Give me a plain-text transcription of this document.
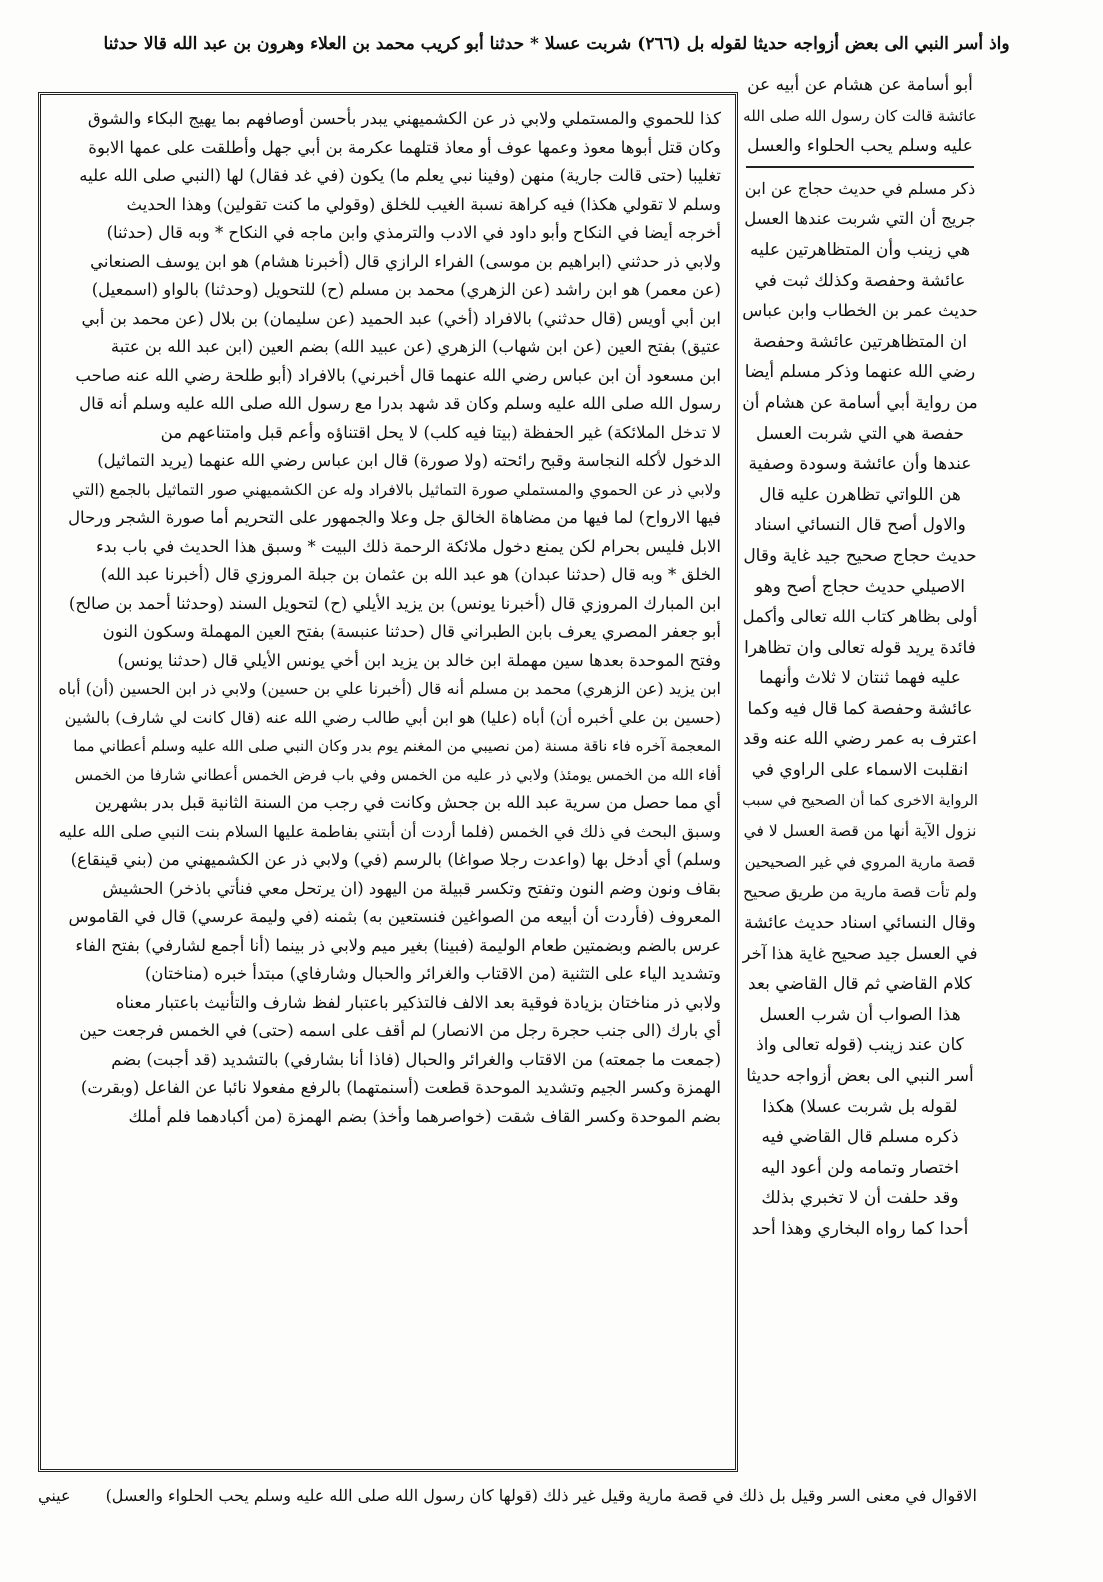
واذ أسر النبي الى بعض أزواجه حديثا لقوله بل
(٢٦٦)
شربت عسلا * حدثنا أبو كريب محمد بن العلاء وهرون بن عبد الله قالا حدثنا
أبو أسامة عن هشام عن أبيه عن
عائشة قالت كان رسول الله صلى الله
عليه وسلم يحب الحلواء والعسل
ذكر مسلم في حديث حجاج عن ابن
جريج أن التي شربت عندها العسل
هي زينب وأن المتظاهرتين عليه
عائشة وحفصة وكذلك ثبت في
حديث عمر بن الخطاب وابن عباس
ان المتظاهرتين عائشة وحفصة
رضي الله عنهما وذكر مسلم أيضا
من رواية أبي أسامة عن هشام أن
حفصة هي التي شربت العسل
عندها وأن عائشة وسودة وصفية
هن اللواتي تظاهرن عليه قال
والاول أصح قال النسائي اسناد
حديث حجاج صحيح جيد غاية وقال
الاصيلي حديث حجاج أصح وهو
أولى بظاهر كتاب الله تعالى وأكمل
فائدة يريد قوله تعالى وان تظاهرا
عليه فهما ثنتان لا ثلاث وأنهما
عائشة وحفصة كما قال فيه وكما
اعترف به عمر رضي الله عنه وقد
انقلبت الاسماء على الراوي في
الرواية الاخرى كما أن الصحيح في سبب
نزول الآية أنها من قصة العسل لا في
قصة مارية المروي في غير الصحيحين
ولم تأت قصة مارية من طريق صحيح
وقال النسائي اسناد حديث عائشة
في العسل جيد صحيح غاية هذا آخر
كلام القاضي ثم قال القاضي بعد
هذا الصواب أن شرب العسل
كان عند زينب (قوله تعالى واذ
أسر النبي الى بعض أزواجه حديثا
لقوله بل شربت عسلا) هكذا
ذكره مسلم قال القاضي فيه
اختصار وتمامه ولن أعود اليه
وقد حلفت أن لا تخبري بذلك
أحدا كما رواه البخاري وهذا أحد
كذا للحموي والمستملي ولابي ذر عن الكشميهني يبدر بأحسن أوصافهم بما يهيج البكاء والشوق
وكان قتل أبوها معوذ وعمها عوف أو معاذ قتلهما عكرمة بن أبي جهل وأطلقت على عمها الابوة
تغليبا (حتى قالت جارية) منهن (وفينا نبي يعلم ما) يكون (في غد فقال) لها (النبي صلى الله عليه
وسلم لا تقولي هكذا) فيه كراهة نسبة الغيب للخلق (وقولي ما كنت تقولين) وهذا الحديث
أخرجه أيضا في النكاح وأبو داود في الادب والترمذي وابن ماجه في النكاح * وبه قال (حدثنا)
ولابي ذر حدثني (ابراهيم بن موسى) الفراء الرازي قال (أخبرنا هشام) هو ابن يوسف الصنعاني
(عن معمر) هو ابن راشد (عن الزهري) محمد بن مسلم (ح) للتحويل (وحدثنا) بالواو (اسمعيل)
ابن أبي أويس (قال حدثني) بالافراد (أخي) عبد الحميد (عن سليمان) بن بلال (عن محمد بن أبي
عتيق) بفتح العين (عن ابن شهاب) الزهري (عن عبيد الله) بضم العين (ابن عبد الله بن عتبة
ابن مسعود أن ابن عباس رضي الله عنهما قال أخبرني) بالافراد (أبو طلحة رضي الله عنه صاحب
رسول الله صلى الله عليه وسلم وكان قد شهد بدرا مع رسول الله صلى الله عليه وسلم أنه قال
لا تدخل الملائكة) غير الحفظة (بيتا فيه كلب) لا يحل اقتناؤه وأعم قبل وامتناعهم من
الدخول لأكله النجاسة وقبح رائحته (ولا صورة) قال ابن عباس رضي الله عنهما (يريد التماثيل)
ولابي ذر عن الحموي والمستملي صورة التماثيل بالافراد وله عن الكشميهني صور التماثيل بالجمع (التي
فيها الارواح) لما فيها من مضاهاة الخالق جل وعلا والجمهور على التحريم أما صورة الشجر ورحال
الابل فليس بحرام لكن يمنع دخول ملائكة الرحمة ذلك البيت * وسبق هذا الحديث في باب بدء
الخلق * وبه قال (حدثنا عبدان) هو عبد الله بن عثمان بن جبلة المروزي قال (أخبرنا عبد الله)
ابن المبارك المروزي قال (أخبرنا يونس) بن يزيد الأيلي (ح) لتحويل السند (وحدثنا أحمد بن صالح)
أبو جعفر المصري يعرف بابن الطبراني قال (حدثنا عنبسة) بفتح العين المهملة وسكون النون
وفتح الموحدة بعدها سين مهملة ابن خالد بن يزيد ابن أخي يونس الأيلي قال (حدثنا يونس)
ابن يزيد (عن الزهري) محمد بن مسلم أنه قال (أخبرنا علي بن حسين) ولابي ذر ابن الحسين (أن) أباه
(حسين بن علي أخبره أن) أباه (عليا) هو ابن أبي طالب رضي الله عنه (قال كانت لي شارف) بالشين
المعجمة آخره فاء ناقة مسنة (من نصيبي من المغنم يوم بدر وكان النبي صلى الله عليه وسلم أعطاني مما
أفاء الله من الخمس يومئذ) ولابي ذر عليه من الخمس وفي باب فرض الخمس أعطاني شارفا من الخمس
أي مما حصل من سرية عبد الله بن جحش وكانت في رجب من السنة الثانية قبل بدر بشهرين
وسبق البحث في ذلك في الخمس (فلما أردت أن أبتني بفاطمة عليها السلام بنت النبي صلى الله عليه
وسلم) أي أدخل بها (واعدت رجلا صواغا) بالرسم (في) ولابي ذر عن الكشميهني من (بني قينقاع)
بقاف ونون وضم النون وتفتح وتكسر قبيلة من اليهود (ان يرتحل معي فنأتي باذخر) الحشيش
المعروف (فأردت أن أبيعه من الصواغين فنستعين به) بثمنه (في وليمة عرسي) قال في القاموس
عرس بالضم وبضمتين طعام الوليمة (فبينا) بغير ميم ولابي ذر بينما (أنا أجمع لشارفي) بفتح الفاء
وتشديد الياء على التثنية (من الاقتاب والغرائر والحبال وشارفاي) مبتدأ خبره (مناختان)
ولابي ذر مناختان بزيادة فوقية بعد الالف فالتذكير باعتبار لفظ شارف والتأنيث باعتبار معناه
أي بارك (الى جنب حجرة رجل من الانصار) لم أقف على اسمه (حتى) في الخمس فرجعت حين
(جمعت ما جمعته) من الاقتاب والغرائر والحبال (فاذا أنا بشارفي) بالتشديد (قد أجبت) بضم
الهمزة وكسر الجيم وتشديد الموحدة قطعت (أسنمتهما) بالرفع مفعولا نائبا عن الفاعل (وبقرت)
بضم الموحدة وكسر القاف شقت (خواصرهما وأخذ) بضم الهمزة (من أكبادهما فلم أملك
الاقوال في معنى السر وقيل بل ذلك في قصة مارية وقيل غير ذلك (قولها كان رسول الله صلى الله عليه وسلم يحب الحلواء والعسل)
عيني
